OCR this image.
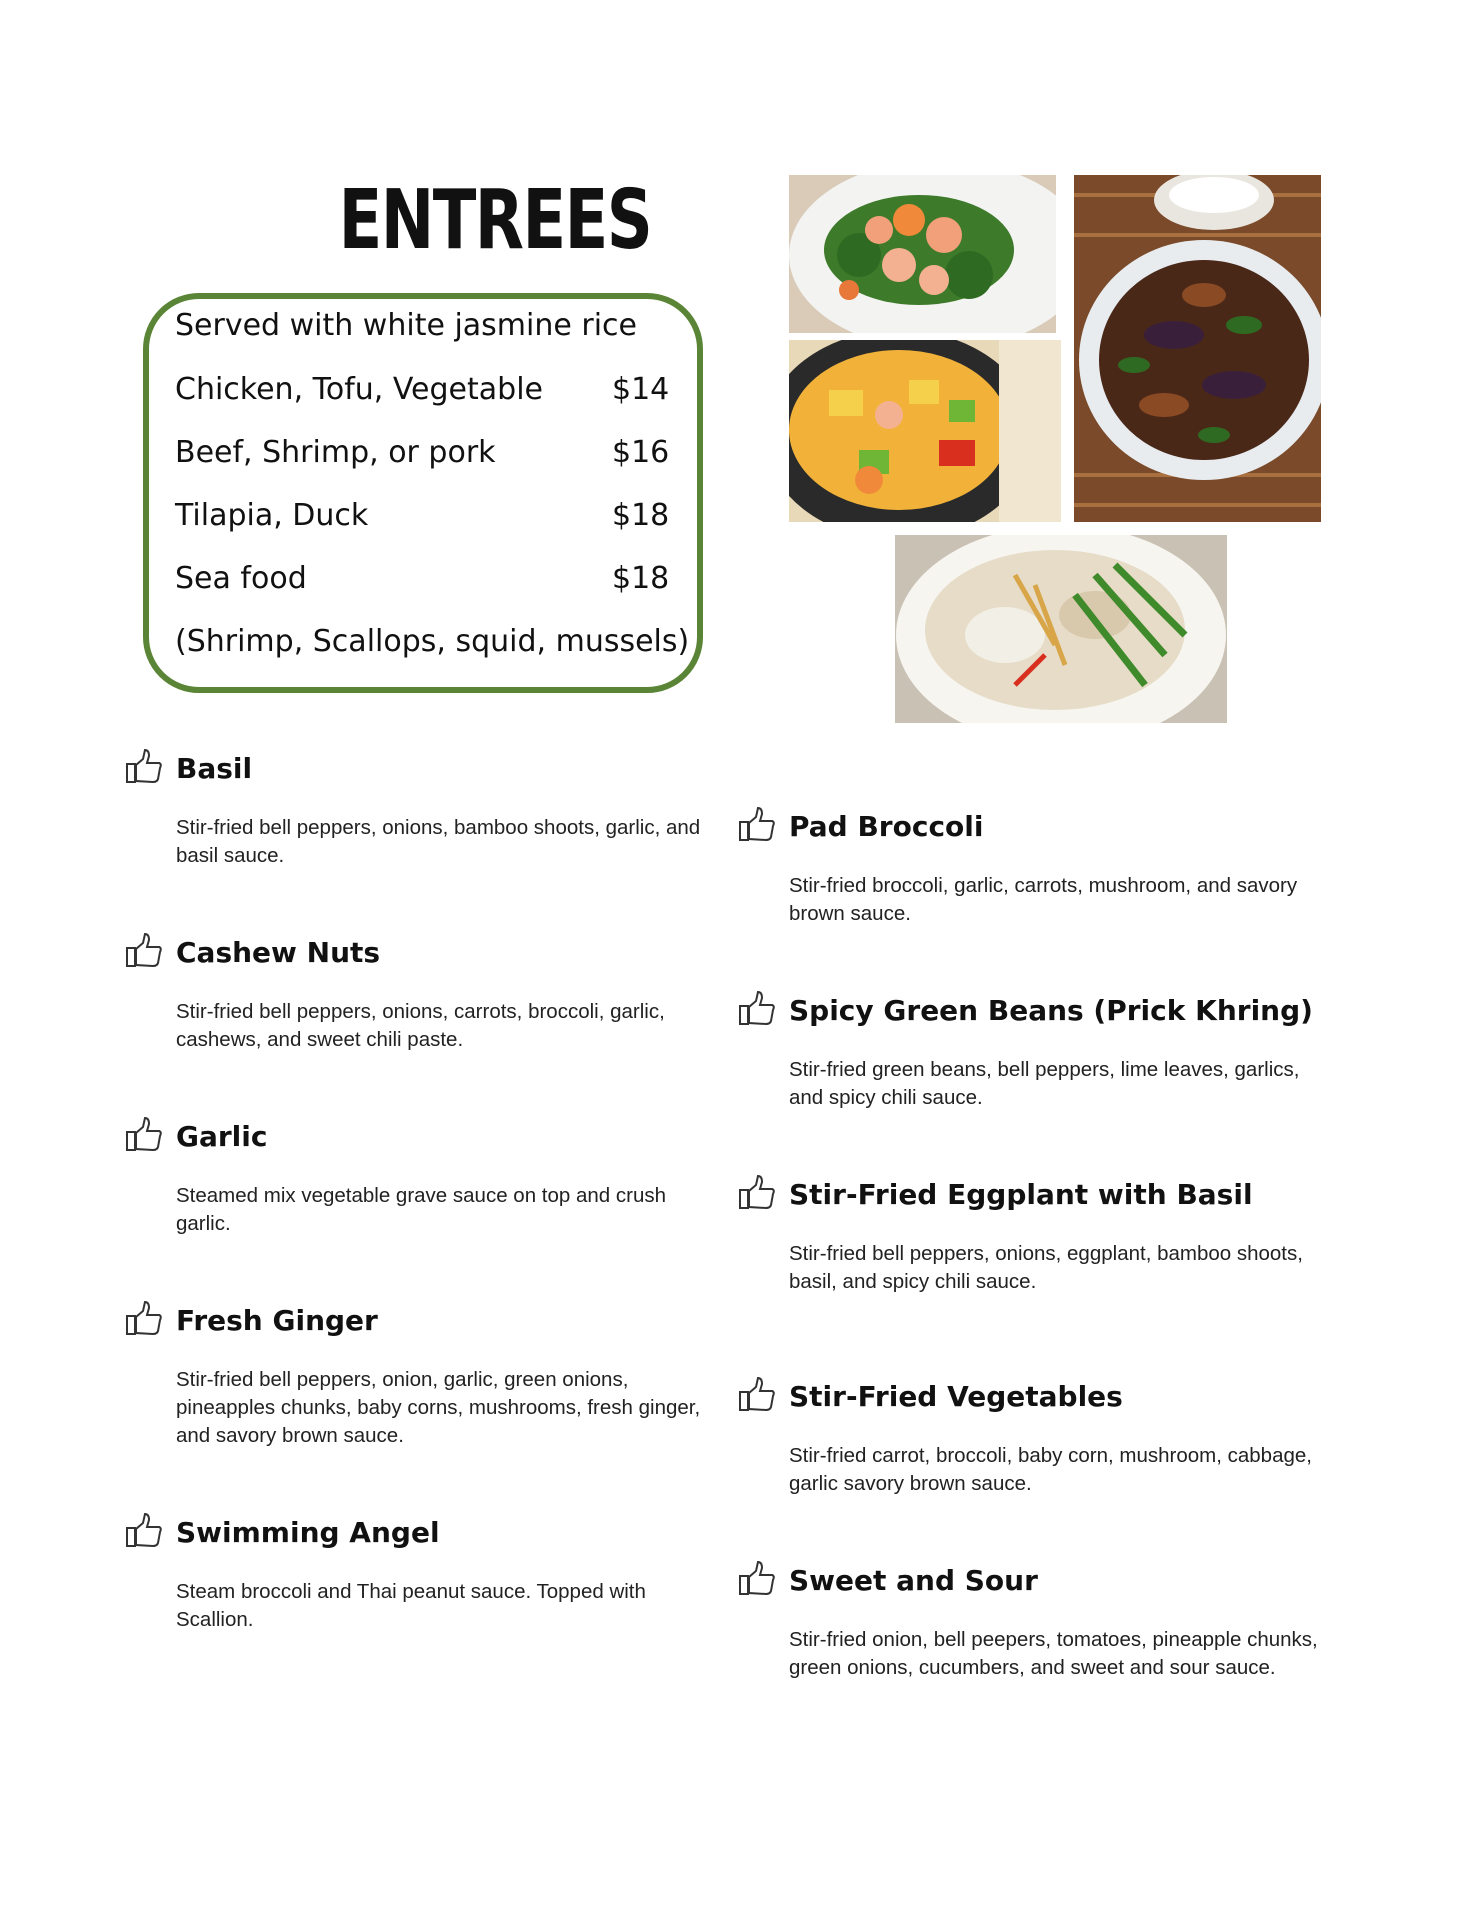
ENTREES
Served with white jasmine rice
Chicken, Tofu, Vegetable $14
Beef, Shrimp, or pork	$16
Tilapia, Duck	$18
Sea food	$18
(Shrimp, Scallops, squid, mussels)
Basil
Stir-fried bell peppers, onions, bamboo shoots, garlic, and basil sauce.
Cashew Nuts
Stir-fried bell peppers, onions, carrots, broccoli, garlic, cashews, and sweet chili paste.
Garlic
Steamed mix vegetable grave sauce on top and crush garlic.
Fresh Ginger
Stir-fried bell peppers, onion, garlic, green onions, pineapples chunks, baby corns, mushrooms, fresh ginger, and savory brown sauce.
Swimming Angel
Steam broccoli and Thai peanut sauce. Topped with Scallion.
Pad Broccoli
Stir-fried broccoli, garlic, carrots, mushroom, and savory brown sauce.
Spicy Green Beans (Prick Khring)
Stir-fried green beans, bell peppers, lime leaves, garlics, and spicy chili sauce.
Stir-Fried Eggplant with Basil
Stir-fried bell peppers, onions, eggplant, bamboo shoots, basil, and spicy chili sauce.
Stir-Fried Vegetables
Stir-fried carrot, broccoli, baby corn, mushroom, cabbage, garlic savory brown sauce.
Sweet and Sour
Stir-fried onion, bell peepers, tomatoes, pineapple chunks, green onions, cucumbers, and sweet and sour sauce.
